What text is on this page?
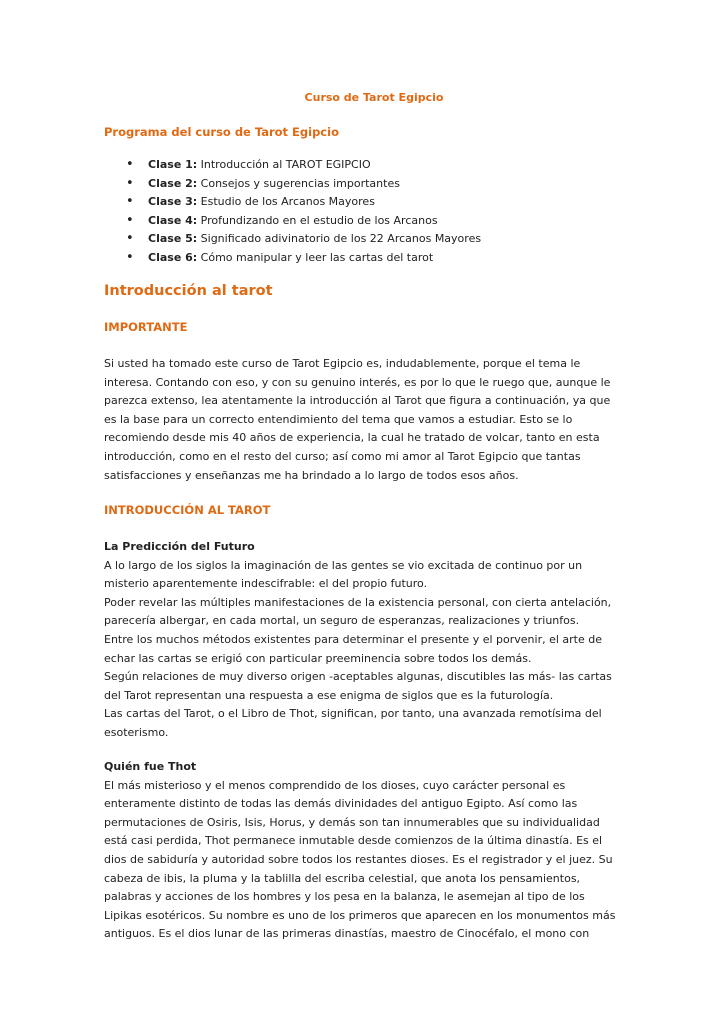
Curso de Tarot Egipcio
Programa del curso de Tarot Egipcio
• Clase 1: Introducción al TAROT EGIPCIO
• Clase 2: Consejos y sugerencias importantes
• Clase 3: Estudio de los Arcanos Mayores
• Clase 4: Profundizando en el estudio de los Arcanos
• Clase 5: Significado adivinatorio de los 22 Arcanos Mayores
• Clase 6: Cómo manipular y leer las cartas del tarot
Introducción al tarot
IMPORTANTE
Si usted ha tomado este curso de Tarot Egipcio es, indudablemente, porque el tema le
interesa. Contando con eso, y con su genuino interés, es por lo que le ruego que, aunque le
parezca extenso, lea atentamente la introducción al Tarot que figura a continuación, ya que
es la base para un correcto entendimiento del tema que vamos a estudiar. Esto se lo
recomiendo desde mis 40 años de experiencia, la cual he tratado de volcar, tanto en esta
introducción, como en el resto del curso; así como mi amor al Tarot Egipcio que tantas
satisfacciones y enseñanzas me ha brindado a lo largo de todos esos años.
INTRODUCCIÓN AL TAROT
La Predicción del Futuro
A lo largo de los siglos la imaginación de las gentes se vio excitada de continuo por un
misterio aparentemente indescifrable: el del propio futuro.
Poder revelar las múltiples manifestaciones de la existencia personal, con cierta antelación,
parecería albergar, en cada mortal, un seguro de esperanzas, realizaciones y triunfos.
Entre los muchos métodos existentes para determinar el presente y el porvenir, el arte de
echar las cartas se erigió con particular preeminencia sobre todos los demás.
Según relaciones de muy diverso origen -aceptables algunas, discutibles las más- las cartas
del Tarot representan una respuesta a ese enigma de siglos que es la futurología.
Las cartas del Tarot, o el Libro de Thot, significan, por tanto, una avanzada remotísima del
esoterismo.
Quién fue Thot
El más misterioso y el menos comprendido de los dioses, cuyo carácter personal es
enteramente distinto de todas las demás divinidades del antiguo Egipto. Así como las
permutaciones de Osiris, Isis, Horus, y demás son tan innumerables que su individualidad
está casi perdida, Thot permanece inmutable desde comienzos de la última dinastía. Es el
dios de sabiduría y autoridad sobre todos los restantes dioses. Es el registrador y el juez. Su
cabeza de ibis, la pluma y la tablilla del escriba celestial, que anota los pensamientos,
palabras y acciones de los hombres y los pesa en la balanza, le asemejan al tipo de los
Lipikas esotéricos. Su nombre es uno de los primeros que aparecen en los monumentos más
antiguos. Es el dios lunar de las primeras dinastías, maestro de Cinocéfalo, el mono con
